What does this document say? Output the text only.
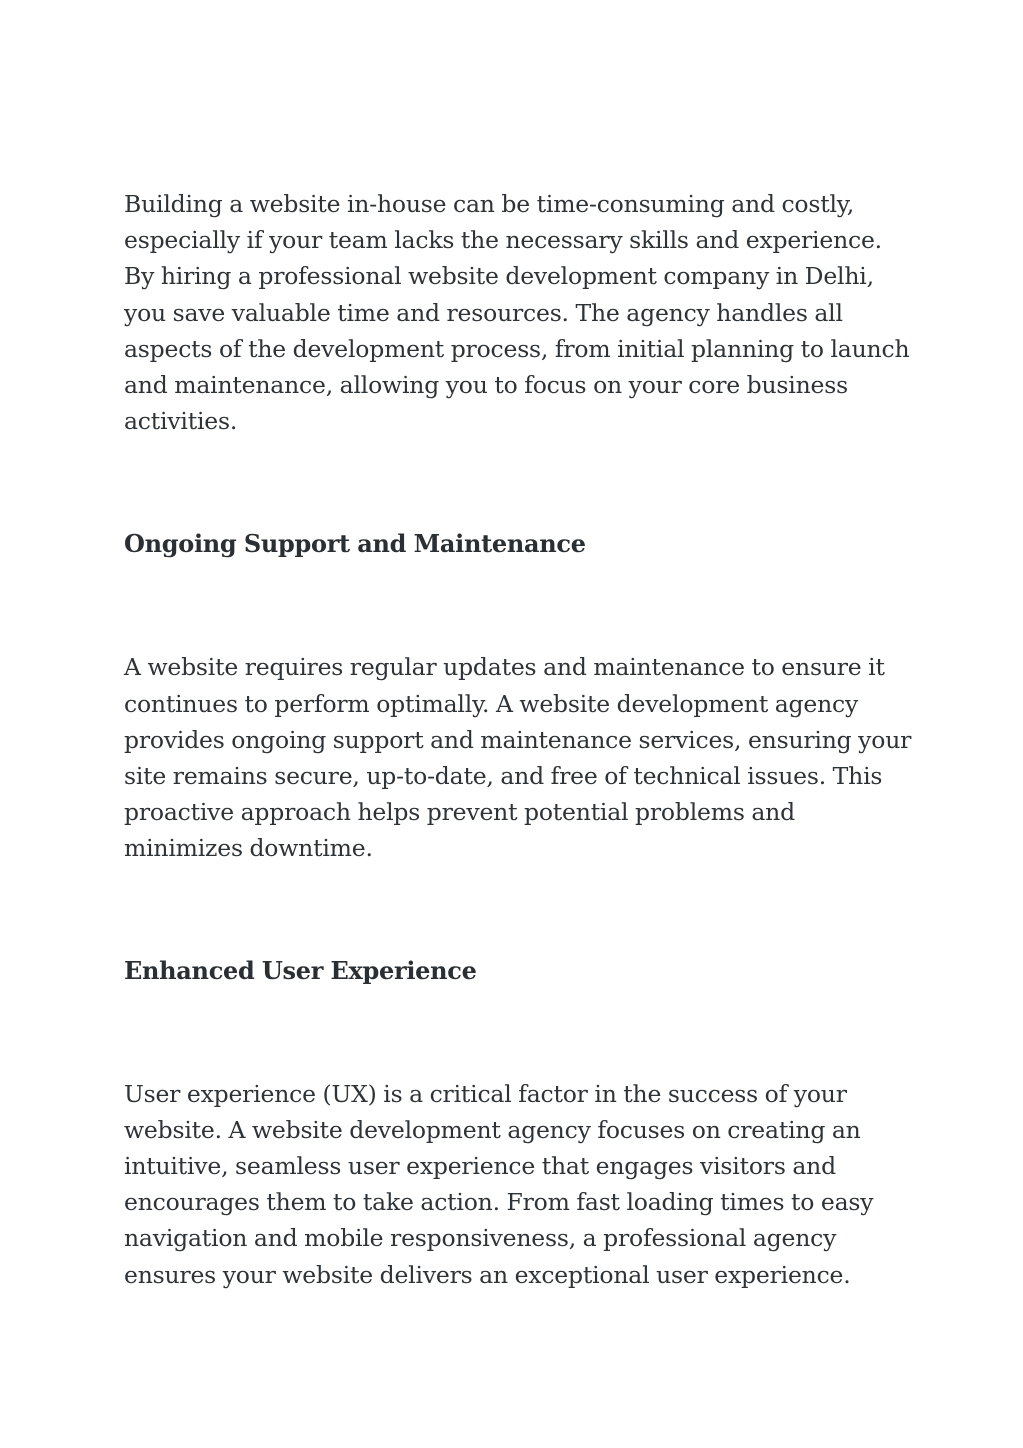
Building a website in-house can be time-consuming and costly, especially if your team lacks the necessary skills and experience. By hiring a professional website development company in Delhi, you save valuable time and resources. The agency handles all aspects of the development process, from initial planning to launch and maintenance, allowing you to focus on your core business activities.

Ongoing Support and Maintenance

A website requires regular updates and maintenance to ensure it continues to perform optimally. A website development agency provides ongoing support and maintenance services, ensuring your site remains secure, up-to-date, and free of technical issues. This proactive approach helps prevent potential problems and minimizes downtime.

Enhanced User Experience

User experience (UX) is a critical factor in the success of your website. A website development agency focuses on creating an intuitive, seamless user experience that engages visitors and encourages them to take action. From fast loading times to easy navigation and mobile responsiveness, a professional agency ensures your website delivers an exceptional user experience.
